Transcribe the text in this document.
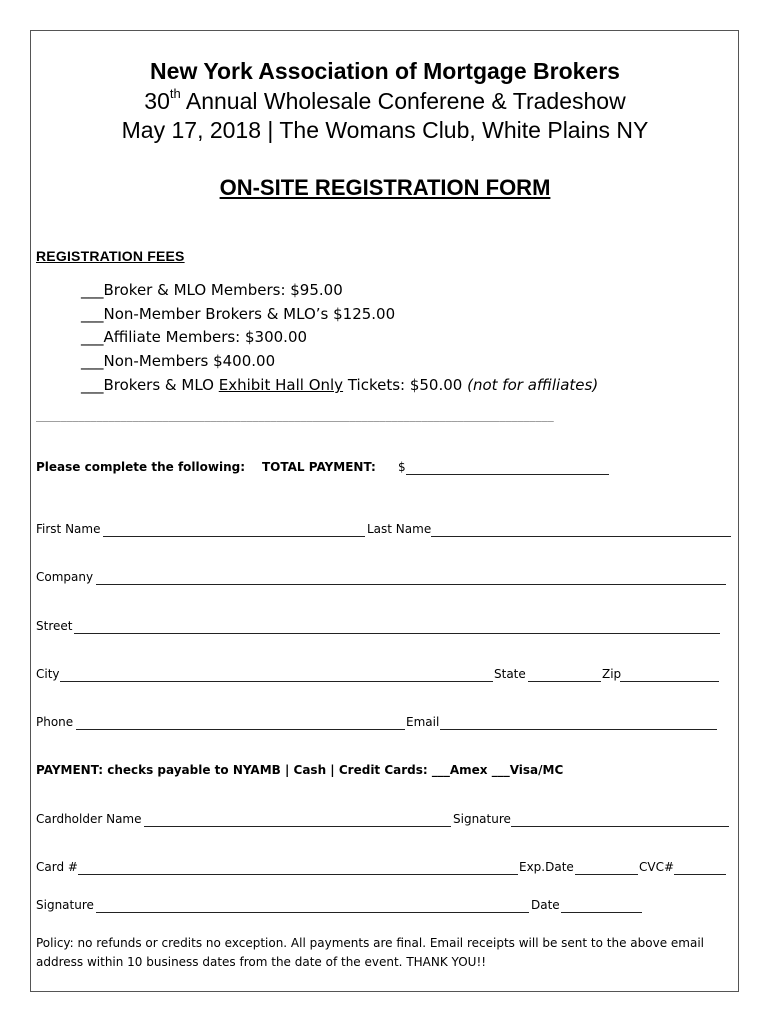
New York Association of Mortgage Brokers
30th Annual Wholesale Conferene & Tradeshow
May 17, 2018 | The Womans Club, White Plains NY
ON-SITE REGISTRATION FORM
REGISTRATION FEES
___Broker & MLO Members: $95.00
___Non-Member Brokers & MLO’s $125.00
___Affiliate Members: $300.00
___Non-Members $400.00
___Brokers & MLO Exhibit Hall Only Tickets: $50.00 (not for affiliates)
______________________________________________________________________________________
Please complete the following: TOTAL PAYMENT: $
First Name	Last Name
Company
Street
City	State	Zip
Phone	Email
PAYMENT: checks payable to NYAMB | Cash | Credit Cards: ___Amex ___Visa/MC
Cardholder Name	Signature
Card #	Exp.Date	CVC#
Signature	Date
Policy: no refunds or credits no exception. All payments are final. Email receipts will be sent to the above email address within 10 business dates from the date of the event. THANK YOU!!
